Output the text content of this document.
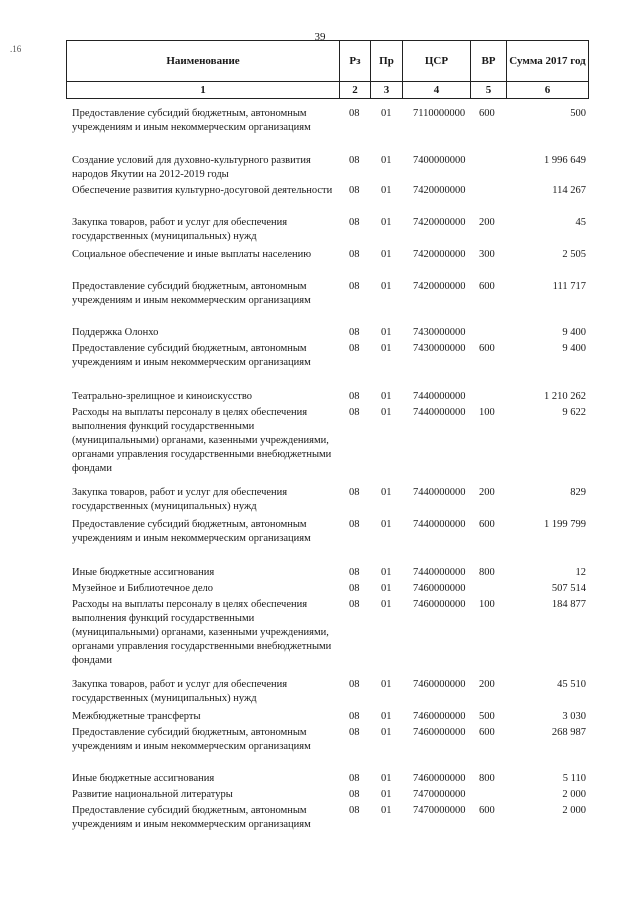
39
.16
Наименование	Рз	Пр	ЦСР	ВР	Сумма 2017 год
1	2	3	4	5	6
Предоставление субсидий бюджетным, автономным учреждениям и иным некоммерческим организациям
08 01 7110000000 600	500
Создание условий для духовно-культурного развития народов Якутии на 2012-2019 годы
08 01 7400000000	1 996 649
Обеспечение развития культурно-досуговой деятельности 08 01 7420000000	114 267
Закупка товаров, работ и услуг для обеспечения государственных (муниципальных) нужд
08 01 7420000000 200	45
Социальное обеспечение и иные выплаты населению	08 01 7420000000 300	2 505
Предоставление субсидий бюджетным, автономным учреждениям и иным некоммерческим организациям
08 01 7420000000 600	111 717
Поддержка Олонхо	08 01 7430000000	9 400
Предоставление субсидий бюджетным, автономным учреждениям и иным некоммерческим организациям
08 01 7430000000 600	9 400
Театрально-зрелищное и киноискусство	08 01 7440000000	1 210 262
Расходы на выплаты персоналу в целях обеспечения выполнения функций государственными (муниципальными) органами, казенными учреждениями, органами управления государственными внебюджетными фондами
08 01 7440000000 100	9 622
Закупка товаров, работ и услуг для обеспечения государственных (муниципальных) нужд
08 01 7440000000 200	829
Предоставление субсидий бюджетным, автономным учреждениям и иным некоммерческим организациям
08 01 7440000000 600	1 199 799
Иные бюджетные ассигнования	08 01 7440000000 800	12
Музейное и Библиотечное дело	08 01 7460000000	507 514
Расходы на выплаты персоналу в целях обеспечения выполнения функций государственными (муниципальными) органами, казенными учреждениями, органами управления государственными внебюджетными фондами
08 01 7460000000 100	184 877
Закупка товаров, работ и услуг для обеспечения государственных (муниципальных) нужд
08 01 7460000000 200	45 510
Межбюджетные трансферты	08 01 7460000000 500	3 030
Предоставление субсидий бюджетным, автономным учреждениям и иным некоммерческим организациям
08 01 7460000000 600	268 987
Иные бюджетные ассигнования	08 01 7460000000 800	5 110
Развитие национальной литературы	08 01 7470000000	2 000
Предоставление субсидий бюджетным, автономным учреждениям и иным некоммерческим организациям
08 01 7470000000 600	2 000
